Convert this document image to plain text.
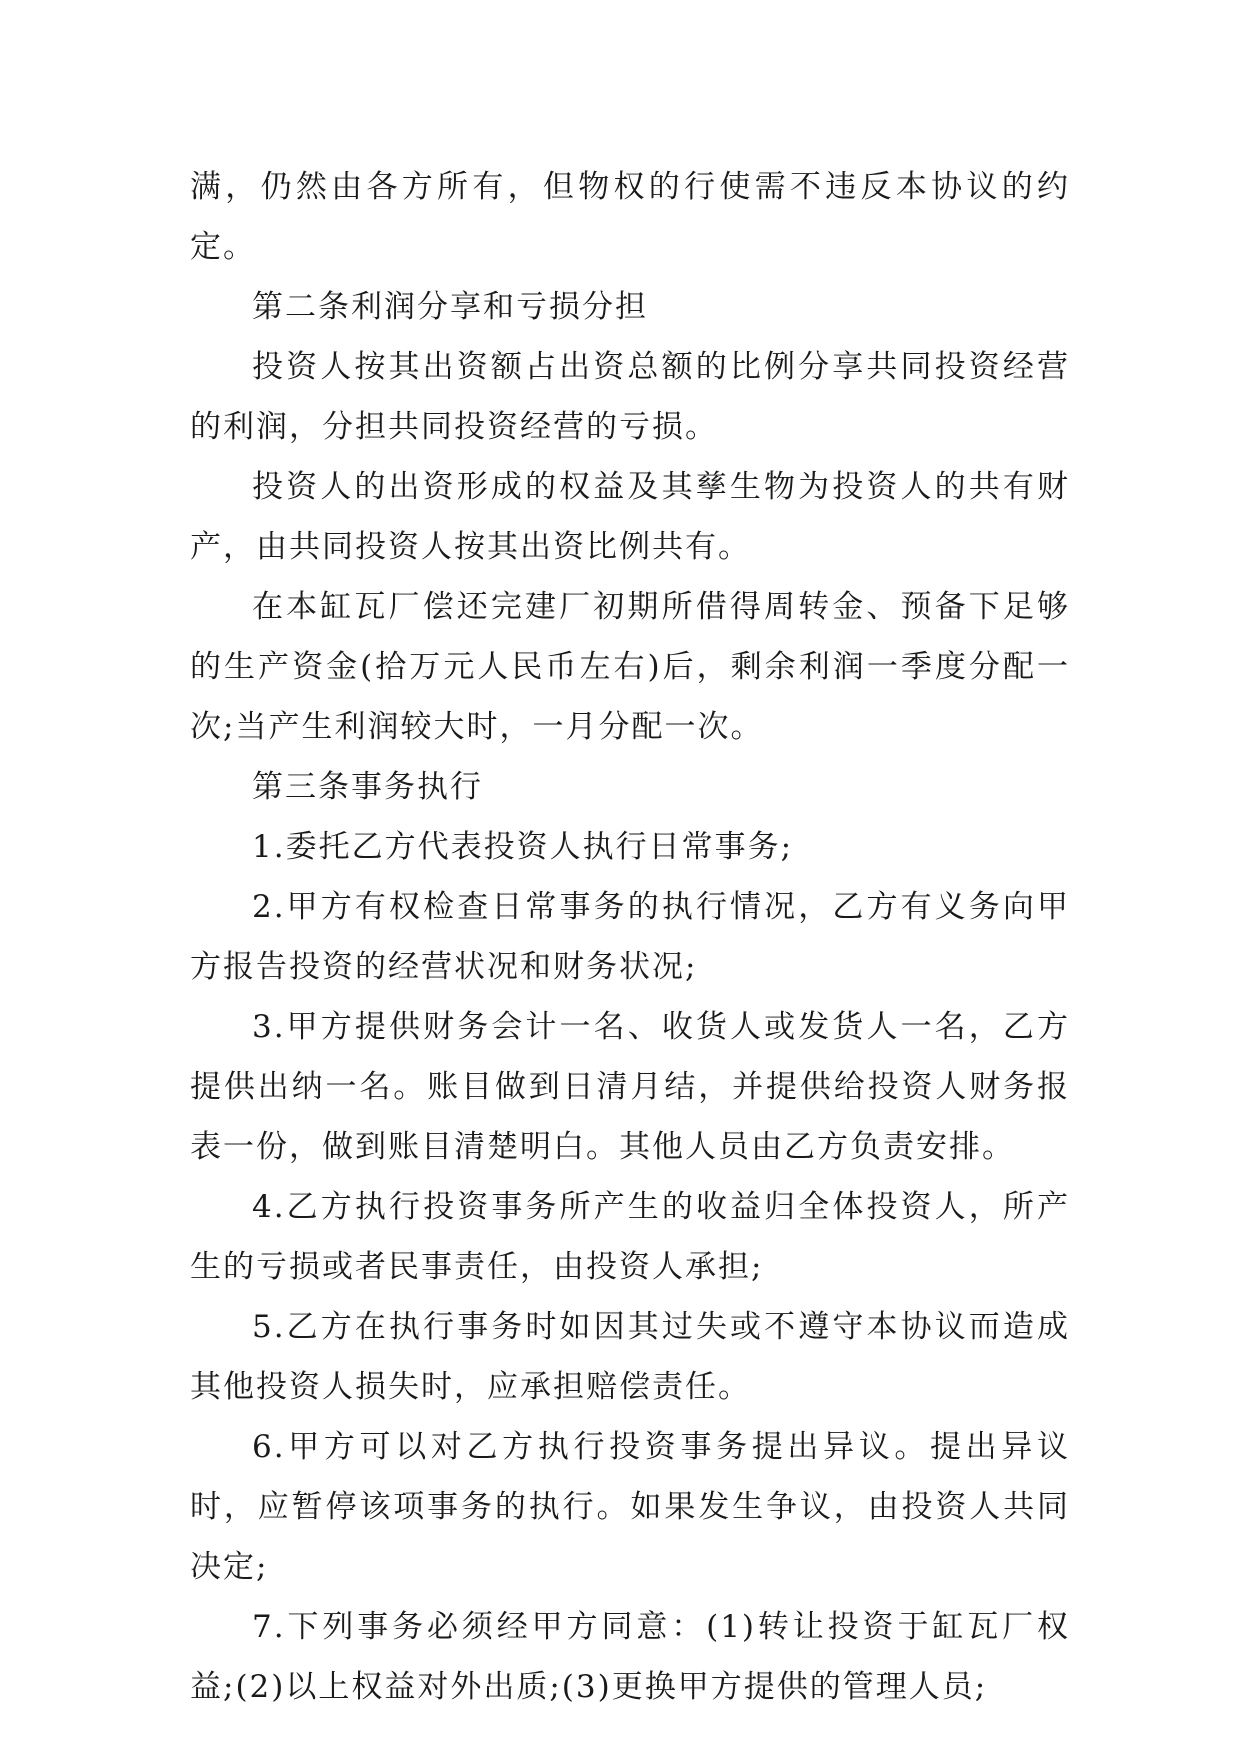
满，仍然由各方所有，但物权的行使需不违反本协议的约定。

第二条利润分享和亏损分担

投资人按其出资额占出资总额的比例分享共同投资经营的利润，分担共同投资经营的亏损。

投资人的出资形成的权益及其孳生物为投资人的共有财产，由共同投资人按其出资比例共有。

在本缸瓦厂偿还完建厂初期所借得周转金、预备下足够的生产资金(拾万元人民币左右)后，剩余利润一季度分配一次;当产生利润较大时，一月分配一次。

第三条事务执行

1.委托乙方代表投资人执行日常事务;

2.甲方有权检查日常事务的执行情况，乙方有义务向甲方报告投资的经营状况和财务状况;

3.甲方提供财务会计一名、收货人或发货人一名，乙方提供出纳一名。账目做到日清月结，并提供给投资人财务报表一份，做到账目清楚明白。其他人员由乙方负责安排。

4.乙方执行投资事务所产生的收益归全体投资人，所产生的亏损或者民事责任，由投资人承担;

5.乙方在执行事务时如因其过失或不遵守本协议而造成其他投资人损失时，应承担赔偿责任。

6.甲方可以对乙方执行投资事务提出异议。提出异议时，应暂停该项事务的执行。如果发生争议，由投资人共同决定;

7.下列事务必须经甲方同意：(1)转让投资于缸瓦厂权益;(2)以上权益对外出质;(3)更换甲方提供的管理人员;
